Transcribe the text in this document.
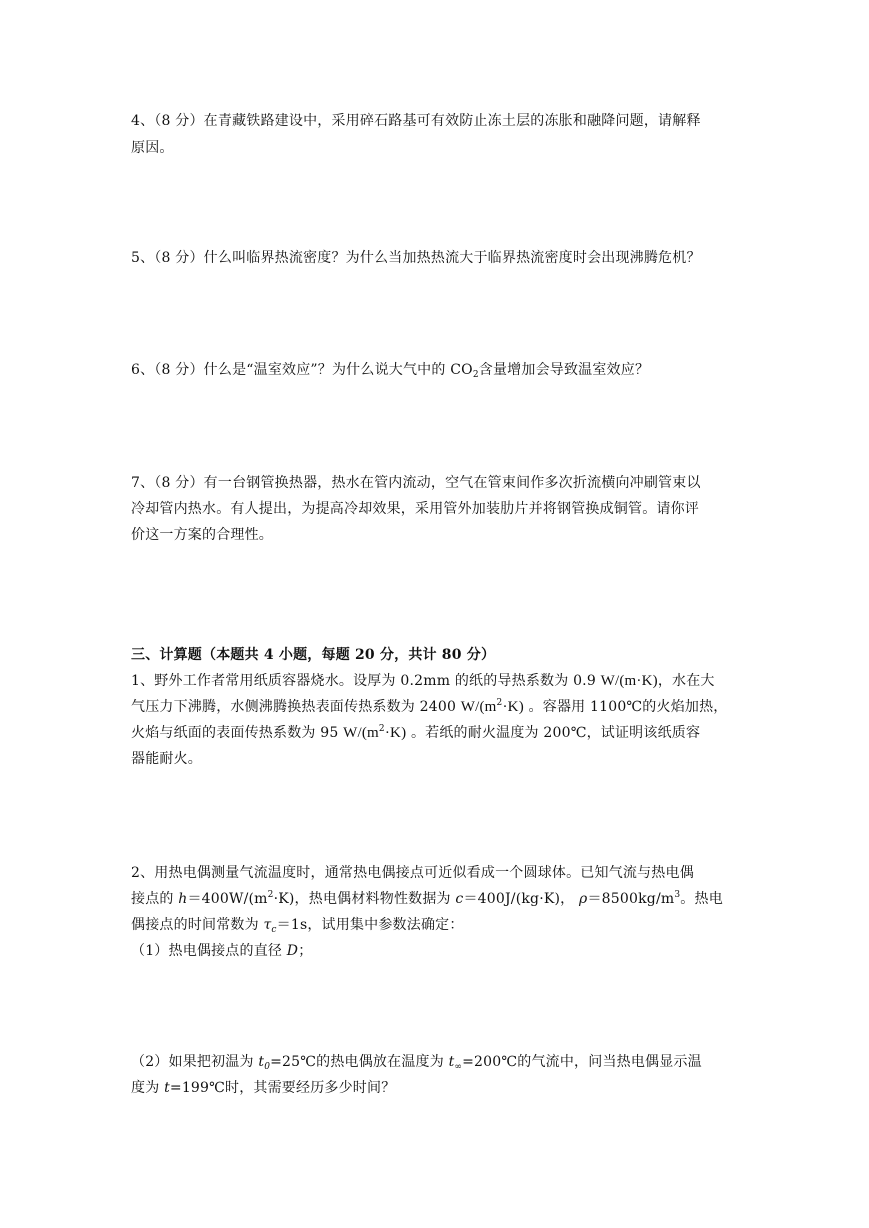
4、（8 分）在青藏铁路建设中，采用碎石路基可有效防止冻土层的冻胀和融降问题，请解释
原因。
5、（8 分）什么叫临界热流密度？为什么当加热热流大于临界热流密度时会出现沸腾危机？
6、（8 分）什么是“温室效应”？为什么说大气中的 $CO_2$含量增加会导致温室效应？
7、（8 分）有一台钢管换热器，热水在管内流动，空气在管束间作多次折流横向冲刷管束以
冷却管内热水。有人提出，为提高冷却效果，采用管外加装肋片并将钢管换成铜管。请你评
价这一方案的合理性。
三、计算题（本题共 4 小题，每题 20 分，共计 80 分）
1、野外工作者常用纸质容器烧水。设厚为 0.2mm 的纸的导热系数为 0.9 W/(m·K)，水在大
气压力下沸腾，水侧沸腾换热表面传热系数为 2400 $W/(m^2\cdot K)$ 。容器用 1100℃的火焰加热，
火焰与纸面的表面传热系数为 95 $W/(m^2\cdot K)$ 。若纸的耐火温度为 200℃，试证明该纸质容
器能耐火。
2、用热电偶测量气流温度时，通常热电偶接点可近似看成一个圆球体。已知气流与热电偶
接点的 $h=400W/(m^2\cdot K)$，热电偶材料物性数据为 c＝400J/(kg·K)， $\rho=8500kg/m^3$。热电
偶接点的时间常数为 $\tau_c=1s$，试用集中参数法确定：
（1）热电偶接点的直径 D；
（2）如果把初温为 $t_0=25℃$的热电偶放在温度为 $t_\infty=200℃$的气流中，问当热电偶显示温
度为 t=199℃时，其需要经历多少时间？
